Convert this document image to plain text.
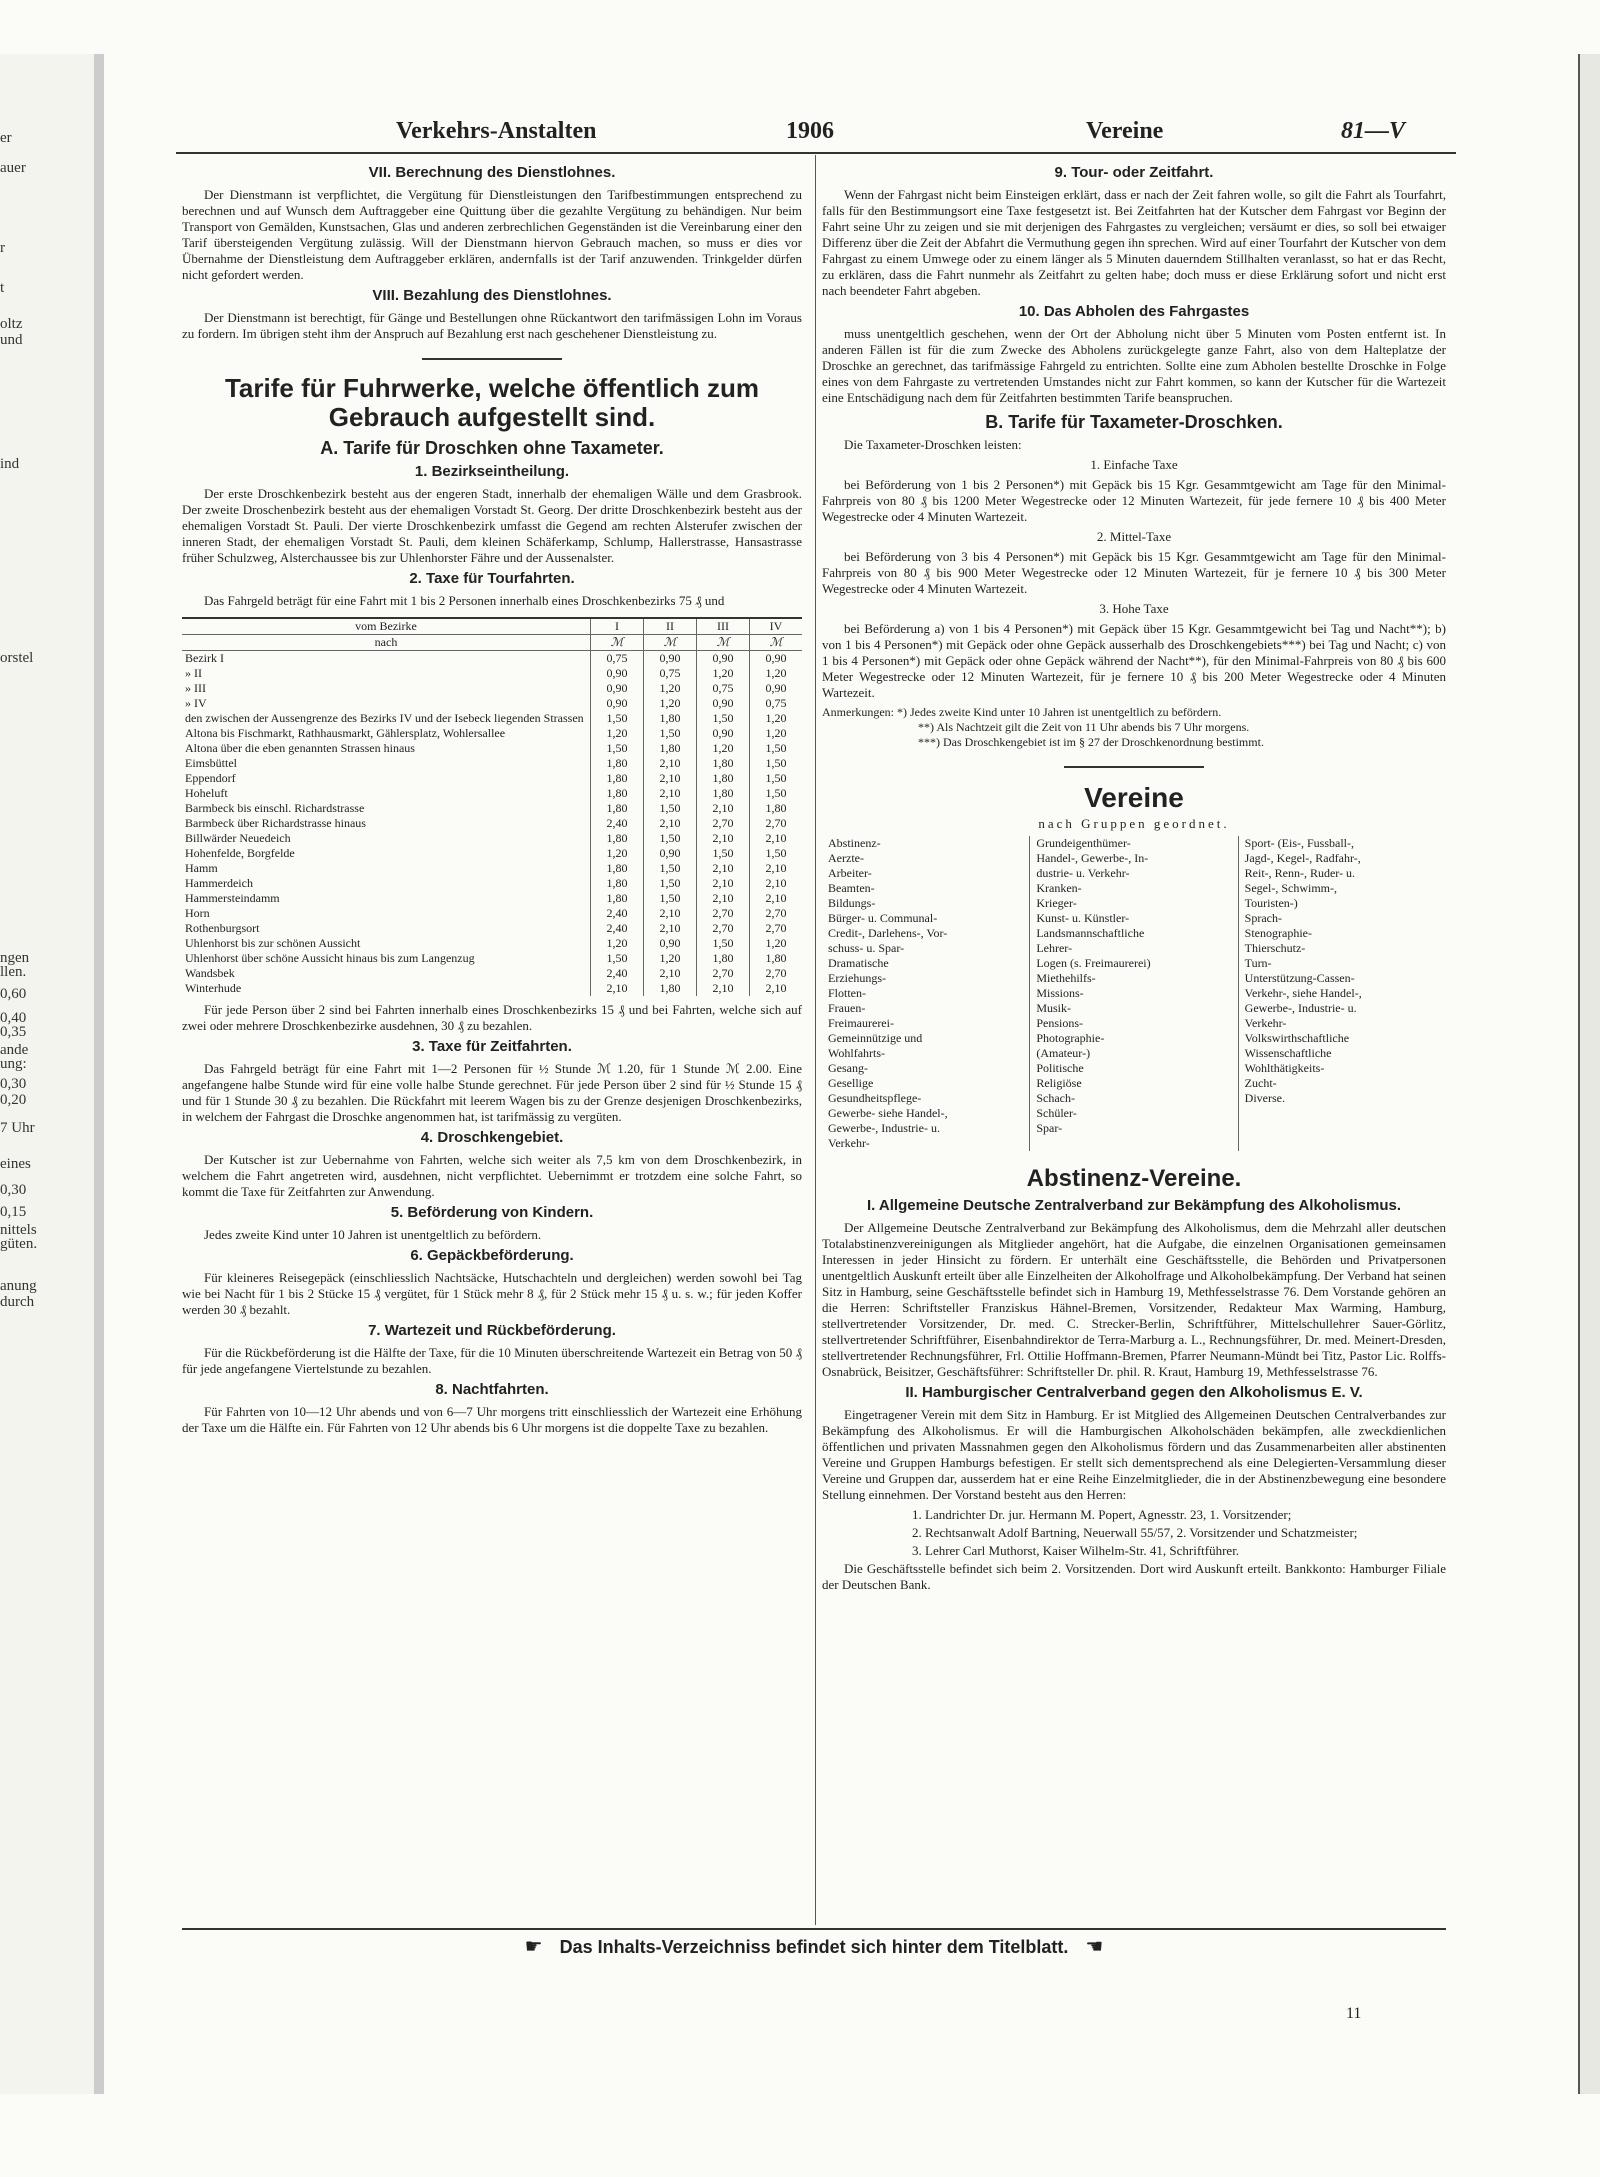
er
auer
r
t
oltz
und
ind
orstel
ngen
llen.
0,60
0,40
0,35
ande
ung:
0,30
0,20
7 Uhr
eines
0,30
0,15
nittels
güten.
anung
durch
Verkehrs-Anstalten	1906	Vereine	81—V
VII. Berechnung des Dienstlohnes.

Der Dienstmann ist verpflichtet, die Vergütung für Dienstleistungen den Tarifbestimmungen entsprechend zu berechnen und auf Wunsch dem Auftraggeber eine Quittung über die gezahlte Vergütung zu behändigen. Nur beim Transport von Gemälden, Kunstsachen, Glas und anderen zerbrechlichen Gegenständen ist die Vereinbarung einer den Tarif übersteigenden Vergütung zulässig. Will der Dienstmann hiervon Gebrauch machen, so muss er dies vor Übernahme der Dienstleistung dem Auftraggeber erklären, andernfalls ist der Tarif anzuwenden. Trinkgelder dürfen nicht gefordert werden.

VIII. Bezahlung des Dienstlohnes.

Der Dienstmann ist berechtigt, für Gänge und Bestellungen ohne Rückantwort den tarifmässigen Lohn im Voraus zu fordern. Im übrigen steht ihm der Anspruch auf Bezahlung erst nach geschehener Dienstleistung zu.

Tarife für Fuhrwerke, welche öffentlich zum Gebrauch aufgestellt sind.
A. Tarife für Droschken ohne Taxameter.
1. Bezirkseintheilung.

Der erste Droschkenbezirk besteht aus der engeren Stadt, innerhalb der ehemaligen Wälle und dem Grasbrook. Der zweite Droschenbezirk besteht aus der ehemaligen Vorstadt St. Georg. Der dritte Droschkenbezirk besteht aus der ehemaligen Vorstadt St. Pauli. Der vierte Droschkenbezirk umfasst die Gegend am rechten Alsterufer zwischen der inneren Stadt, der ehemaligen Vorstadt St. Pauli, dem kleinen Schäferkamp, Schlump, Hallerstrasse, Hansastrasse früher Schulzweg, Alsterchaussee bis zur Uhlenhorster Fähre und der Aussenalster.

2. Taxe für Tourfahrten.

Das Fahrgeld beträgt für eine Fahrt mit 1 bis 2 Personen innerhalb eines Droschkenbezirks 75 ₰ und

vom Bezirke	I	II	III	IV
nach	ℳ	ℳ	ℳ	ℳ
Bezirk I	0,75	0,90	0,90	0,90
» II	0,90	0,75	1,20	1,20
» III	0,90	1,20	0,75	0,90
» IV	0,90	1,20	0,90	0,75
den zwischen der Aussengrenze des Bezirks IV und der Isebeck liegenden Strassen	1,50	1,80	1,50	1,20
Altona bis Fischmarkt, Rathhausmarkt, Gählersplatz, Wohlersallee	1,20	1,50	0,90	1,20
Altona über die eben genannten Strassen hinaus	1,50	1,80	1,20	1,50
Eimsbüttel	1,80	2,10	1,80	1,50
Eppendorf	1,80	2,10	1,80	1,50
Hoheluft	1,80	2,10	1,80	1,50
Barmbeck bis einschl. Richardstrasse	1,80	1,50	2,10	1,80
Barmbeck über Richardstrasse hinaus	2,40	2,10	2,70	2,70
Billwärder Neuedeich	1,80	1,50	2,10	2,10
Hohenfelde, Borgfelde	1,20	0,90	1,50	1,50
Hamm	1,80	1,50	2,10	2,10
Hammerdeich	1,80	1,50	2,10	2,10
Hammersteindamm	1,80	1,50	2,10	2,10
Horn	2,40	2,10	2,70	2,70
Rothenburgsort	2,40	2,10	2,70	2,70
Uhlenhorst bis zur schönen Aussicht	1,20	0,90	1,50	1,20
Uhlenhorst über schöne Aussicht hinaus bis zum Langenzug	1,50	1,20	1,80	1,80
Wandsbek	2,40	2,10	2,70	2,70
Winterhude	2,10	1,80	2,10	2,10

Für jede Person über 2 sind bei Fahrten innerhalb eines Droschkenbezirks 15 ₰ und bei Fahrten, welche sich auf zwei oder mehrere Droschkenbezirke ausdehnen, 30 ₰ zu bezahlen.

3. Taxe für Zeitfahrten.

Das Fahrgeld beträgt für eine Fahrt mit 1—2 Personen für ½ Stunde ℳ 1.20, für 1 Stunde ℳ 2.00. Eine angefangene halbe Stunde wird für eine volle halbe Stunde gerechnet. Für jede Person über 2 sind für ½ Stunde 15 ₰ und für 1 Stunde 30 ₰ zu bezahlen. Die Rückfahrt mit leerem Wagen bis zu der Grenze desjenigen Droschkenbezirks, in welchem der Fahrgast die Droschke angenommen hat, ist tarifmässig zu vergüten.

4. Droschkengebiet.

Der Kutscher ist zur Uebernahme von Fahrten, welche sich weiter als 7,5 km von dem Droschkenbezirk, in welchem die Fahrt angetreten wird, ausdehnen, nicht verpflichtet. Uebernimmt er trotzdem eine solche Fahrt, so kommt die Taxe für Zeitfahrten zur Anwendung.

5. Beförderung von Kindern.

Jedes zweite Kind unter 10 Jahren ist unentgeltlich zu befördern.

6. Gepäckbeförderung.

Für kleineres Reisegepäck (einschliesslich Nachtsäcke, Hutschachteln und dergleichen) werden sowohl bei Tag wie bei Nacht für 1 bis 2 Stücke 15 ₰ vergütet, für 1 Stück mehr 8 ₰, für 2 Stück mehr 15 ₰ u. s. w.; für jeden Koffer werden 30 ₰ bezahlt.

7. Wartezeit und Rückbeförderung.

Für die Rückbeförderung ist die Hälfte der Taxe, für die 10 Minuten überschreitende Wartezeit ein Betrag von 50 ₰ für jede angefangene Viertelstunde zu bezahlen.

8. Nachtfahrten.

Für Fahrten von 10—12 Uhr abends und von 6—7 Uhr morgens tritt einschliesslich der Wartezeit eine Erhöhung der Taxe um die Hälfte ein. Für Fahrten von 12 Uhr abends bis 6 Uhr morgens ist die doppelte Taxe zu bezahlen.

9. Tour- oder Zeitfahrt.

Wenn der Fahrgast nicht beim Einsteigen erklärt, dass er nach der Zeit fahren wolle, so gilt die Fahrt als Tourfahrt, falls für den Bestimmungsort eine Taxe festgesetzt ist. Bei Zeitfahrten hat der Kutscher dem Fahrgast vor Beginn der Fahrt seine Uhr zu zeigen und sie mit derjenigen des Fahrgastes zu vergleichen; versäumt er dies, so soll bei etwaiger Differenz über die Zeit der Abfahrt die Vermuthung gegen ihn sprechen. Wird auf einer Tourfahrt der Kutscher von dem Fahrgast zu einem Umwege oder zu einem länger als 5 Minuten dauerndem Stillhalten veranlasst, so hat er das Recht, zu erklären, dass die Fahrt nunmehr als Zeitfahrt zu gelten habe; doch muss er diese Erklärung sofort und nicht erst nach beendeter Fahrt abgeben.

10. Das Abholen des Fahrgastes

muss unentgeltlich geschehen, wenn der Ort der Abholung nicht über 5 Minuten vom Posten entfernt ist. In anderen Fällen ist für die zum Zwecke des Abholens zurückgelegte ganze Fahrt, also von dem Halteplatze der Droschke an gerechnet, das tarifmässige Fahrgeld zu entrichten. Sollte eine zum Abholen bestellte Droschke in Folge eines von dem Fahrgaste zu vertretenden Umstandes nicht zur Fahrt kommen, so kann der Kutscher für die Wartezeit eine Entschädigung nach dem für Zeitfahrten bestimmten Tarife beanspruchen.

B. Tarife für Taxameter-Droschken.

Die Taxameter-Droschken leisten:

1. Einfache Taxe

bei Beförderung von 1 bis 2 Personen*) mit Gepäck bis 15 Kgr. Gesammtgewicht am Tage für den Minimal-Fahrpreis von 80 ₰ bis 1200 Meter Wegestrecke oder 12 Minuten Wartezeit, für jede fernere 10 ₰ bis 400 Meter Wegestrecke oder 4 Minuten Wartezeit.

2. Mittel-Taxe

bei Beförderung von 3 bis 4 Personen*) mit Gepäck bis 15 Kgr. Gesammtgewicht am Tage für den Minimal-Fahrpreis von 80 ₰ bis 900 Meter Wegestrecke oder 12 Minuten Wartezeit, für je fernere 10 ₰ bis 300 Meter Wegestrecke oder 4 Minuten Wartezeit.

3. Hohe Taxe

bei Beförderung a) von 1 bis 4 Personen*) mit Gepäck über 15 Kgr. Gesammtgewicht bei Tag und Nacht**); b) von 1 bis 4 Personen*) mit Gepäck oder ohne Gepäck ausserhalb des Droschkengebiets***) bei Tag und Nacht; c) von 1 bis 4 Personen*) mit Gepäck oder ohne Gepäck während der Nacht**), für den Minimal-Fahrpreis von 80 ₰ bis 600 Meter Wegestrecke oder 12 Minuten Wartezeit, für je fernere 10 ₰ bis 200 Meter Wegestrecke oder 4 Minuten Wartezeit.

Anmerkungen: *) Jedes zweite Kind unter 10 Jahren ist unentgeltlich zu befördern.
**) Als Nachtzeit gilt die Zeit von 11 Uhr abends bis 7 Uhr morgens.
***) Das Droschkengebiet ist im § 27 der Droschkenordnung bestimmt.
Vereine
nach Gruppen geordnet.
Abstinenz-
Aerzte-
Arbeiter-
Beamten-
Bildungs-
Bürger- u. Communal-
Credit-, Darlehens-, Vor-
schuss- u. Spar-
Dramatische
Erziehungs-
Flotten-
Frauen-
Freimaurerei-
Gemeinnützige und
Wohlfahrts-
Gesang-
Gesellige
Gesundheitspflege-
Gewerbe- siehe Handel-,
Gewerbe-, Industrie- u.
Verkehr-
Grundeigenthümer-
Handel-, Gewerbe-, In-
dustrie- u. Verkehr-
Kranken-
Krieger-
Kunst- u. Künstler-
Landsmannschaftliche
Lehrer-
Logen (s. Freimaurerei)
Miethehilfs-
Missions-
Musik-
Pensions-
Photographie-
(Amateur-)
Politische
Religiöse
Schach-
Schüler-
Spar-
Sport- (Eis-, Fussball-,
Jagd-, Kegel-, Radfahr-,
Reit-, Renn-, Ruder- u.
Segel-, Schwimm-,
Touristen-)
Sprach-
Stenographie-
Thierschutz-
Turn-
Unterstützung-Cassen-
Verkehr-, siehe Handel-,
Gewerbe-, Industrie- u.
Verkehr-
Volkswirthschaftliche
Wissenschaftliche
Wohlthätigkeits-
Zucht-
Diverse.
Abstinenz-Vereine.
I. Allgemeine Deutsche Zentralverband zur Bekämpfung des Alkoholismus.

Der Allgemeine Deutsche Zentralverband zur Bekämpfung des Alkoholismus, dem die Mehrzahl aller deutschen Totalabstinenzvereinigungen als Mitglieder angehört, hat die Aufgabe, die einzelnen Organisationen gemeinsamen Interessen in jeder Hinsicht zu fördern. Er unterhält eine Geschäftsstelle, die Behörden und Privatpersonen unentgeltlich Auskunft erteilt über alle Einzelheiten der Alkoholfrage und Alkoholbekämpfung. Der Verband hat seinen Sitz in Hamburg, seine Geschäftsstelle befindet sich in Hamburg 19, Methfesselstrasse 76. Dem Vorstande gehören an die Herren: Schriftsteller Franziskus Hähnel-Bremen, Vorsitzender, Redakteur Max Warming, Hamburg, stellvertretender Vorsitzender, Dr. med. C. Strecker-Berlin, Schriftführer, Mittelschullehrer Sauer-Görlitz, stellvertretender Schriftführer, Eisenbahndirektor de Terra-Marburg a. L., Rechnungsführer, Dr. med. Meinert-Dresden, stellvertretender Rechnungsführer, Frl. Ottilie Hoffmann-Bremen, Pfarrer Neumann-Mündt bei Titz, Pastor Lic. Rolffs-Osnabrück, Beisitzer, Geschäftsführer: Schriftsteller Dr. phil. R. Kraut, Hamburg 19, Methfesselstrasse 76.

II. Hamburgischer Centralverband gegen den Alkoholismus E. V.

Eingetragener Verein mit dem Sitz in Hamburg. Er ist Mitglied des Allgemeinen Deutschen Centralverbandes zur Bekämpfung des Alkoholismus. Er will die Hamburgischen Alkoholschäden bekämpfen, alle zweckdienlichen öffentlichen und privaten Massnahmen gegen den Alkoholismus fördern und das Zusammenarbeiten aller abstinenten Vereine und Gruppen Hamburgs befestigen. Er stellt sich dementsprechend als eine Delegierten-Versammlung dieser Vereine und Gruppen dar, ausserdem hat er eine Reihe Einzelmitglieder, die in der Abstinenzbewegung eine besondere Stellung einnehmen. Der Vorstand besteht aus den Herren:

1. Landrichter Dr. jur. Hermann M. Popert, Agnesstr. 23, 1. Vorsitzender;
2. Rechtsanwalt Adolf Bartning, Neuerwall 55/57, 2. Vorsitzender und Schatzmeister;
3. Lehrer Carl Muthorst, Kaiser Wilhelm-Str. 41, Schriftführer.

Die Geschäftsstelle befindet sich beim 2. Vorsitzenden. Dort wird Auskunft erteilt. Bankkonto: Hamburger Filiale der Deutschen Bank.

☛ Das Inhalts-Verzeichniss befindet sich hinter dem Titelblatt. ☚
11
